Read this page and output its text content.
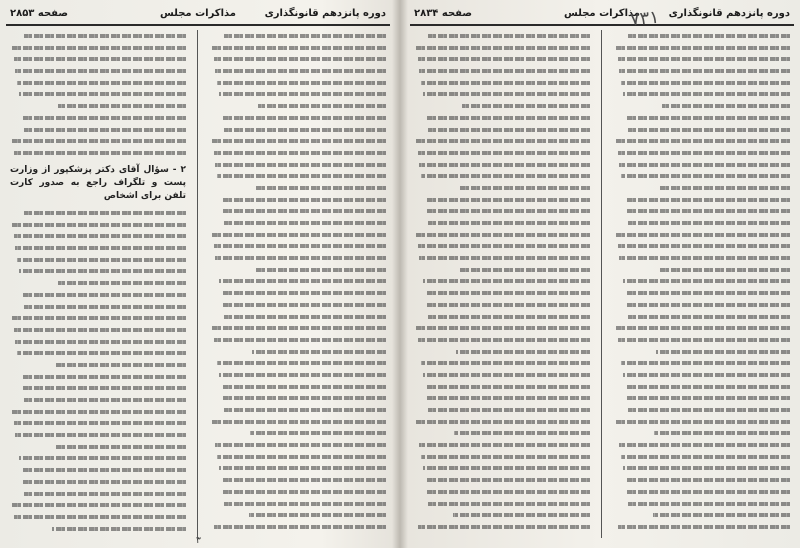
دوره پانزدهم قانونگذاری
مذاکرات مجلس
صفحه ۲۸۵۳
۲ - سؤال آقای دکتر پزشکپور از وزارت پست و تلگراف راجع به صدور کارت تلفن برای اشخاص
۳
دوره پانزدهم قانونگذاری
مذاکرات مجلس
صفحه ۲۸۳۴	۷۳۱
